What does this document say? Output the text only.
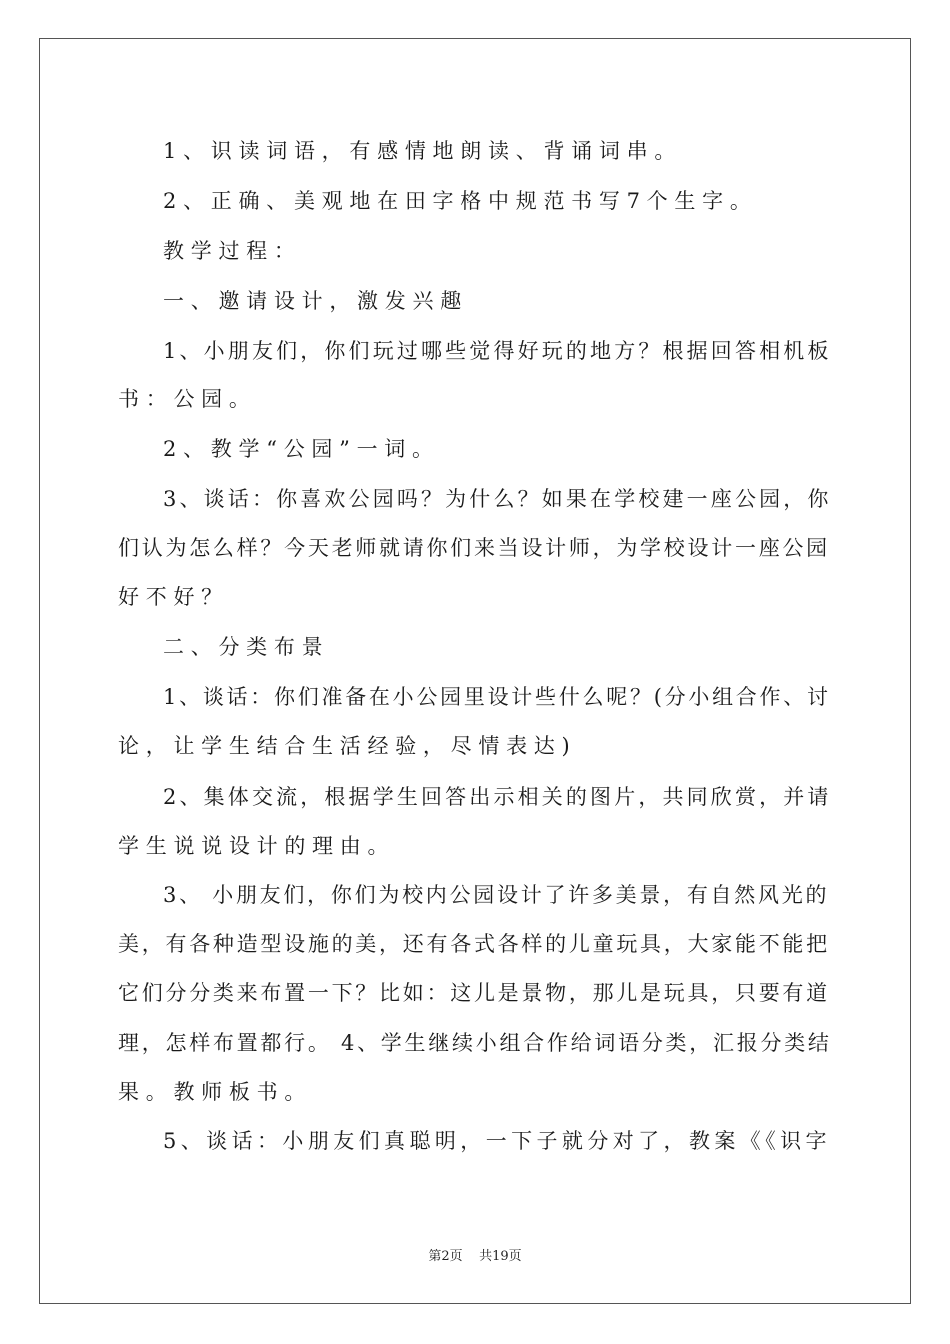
1、识读词语，有感情地朗读、背诵词串。
2、正确、美观地在田字格中规范书写7个生字。
教学过程：
一、邀请设计，激发兴趣
1、小朋友们，你们玩过哪些觉得好玩的地方？根据回答相机板
书：公园。
2、教学“公园”一词。
3、谈话：你喜欢公园吗？为什么？如果在学校建一座公园，你
们认为怎么样？今天老师就请你们来当设计师，为学校设计一座公园
好不好？
二、分类布景
1、谈话：你们准备在小公园里设计些什么呢？(分小组合作、讨
论，让学生结合生活经验，尽情表达)
2、集体交流，根据学生回答出示相关的图片，共同欣赏，并请
学生说说设计的理由。
3、 小朋友们，你们为校内公园设计了许多美景，有自然风光的
美，有各种造型设施的美，还有各式各样的儿童玩具，大家能不能把
它们分分类来布置一下？比如：这儿是景物，那儿是玩具，只要有道
理，怎样布置都行。 4、学生继续小组合作给词语分类，汇报分类结
果。教师板书。
5、谈话：小朋友们真聪明，一下子就分对了，教案《《识字
第2页    共19页
